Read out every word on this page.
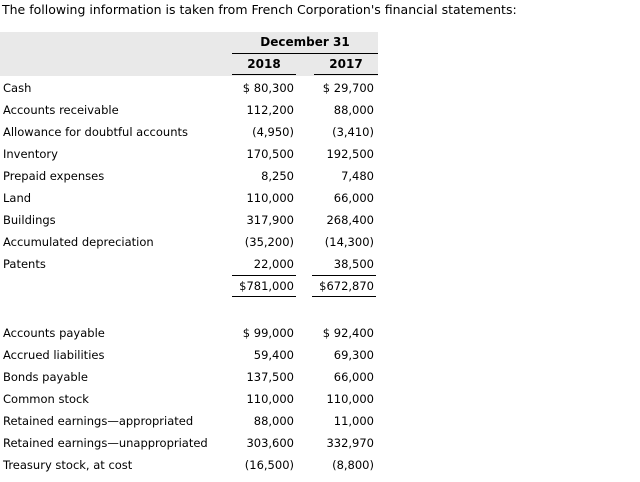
The following information is taken from French Corporation's financial statements:
December 31
2018	2017
Cash	$ 80,300	$ 29,700
Accounts receivable	112,200	88,000
Allowance for doubtful accounts	(4,950)	(3,410)
Inventory	170,500	192,500
Prepaid expenses	8,250	7,480
Land	110,000	66,000
Buildings	317,900	268,400
Accumulated depreciation	(35,200)	(14,300)
Patents	22,000	38,500
$781,000	$672,870
Accounts payable	$ 99,000	$ 92,400
Accrued liabilities	59,400	69,300
Bonds payable	137,500	66,000
Common stock	110,000	110,000
Retained earnings—appropriated	88,000	11,000
Retained earnings—unappropriated	303,600	332,970
Treasury stock, at cost	(16,500)	(8,800)
